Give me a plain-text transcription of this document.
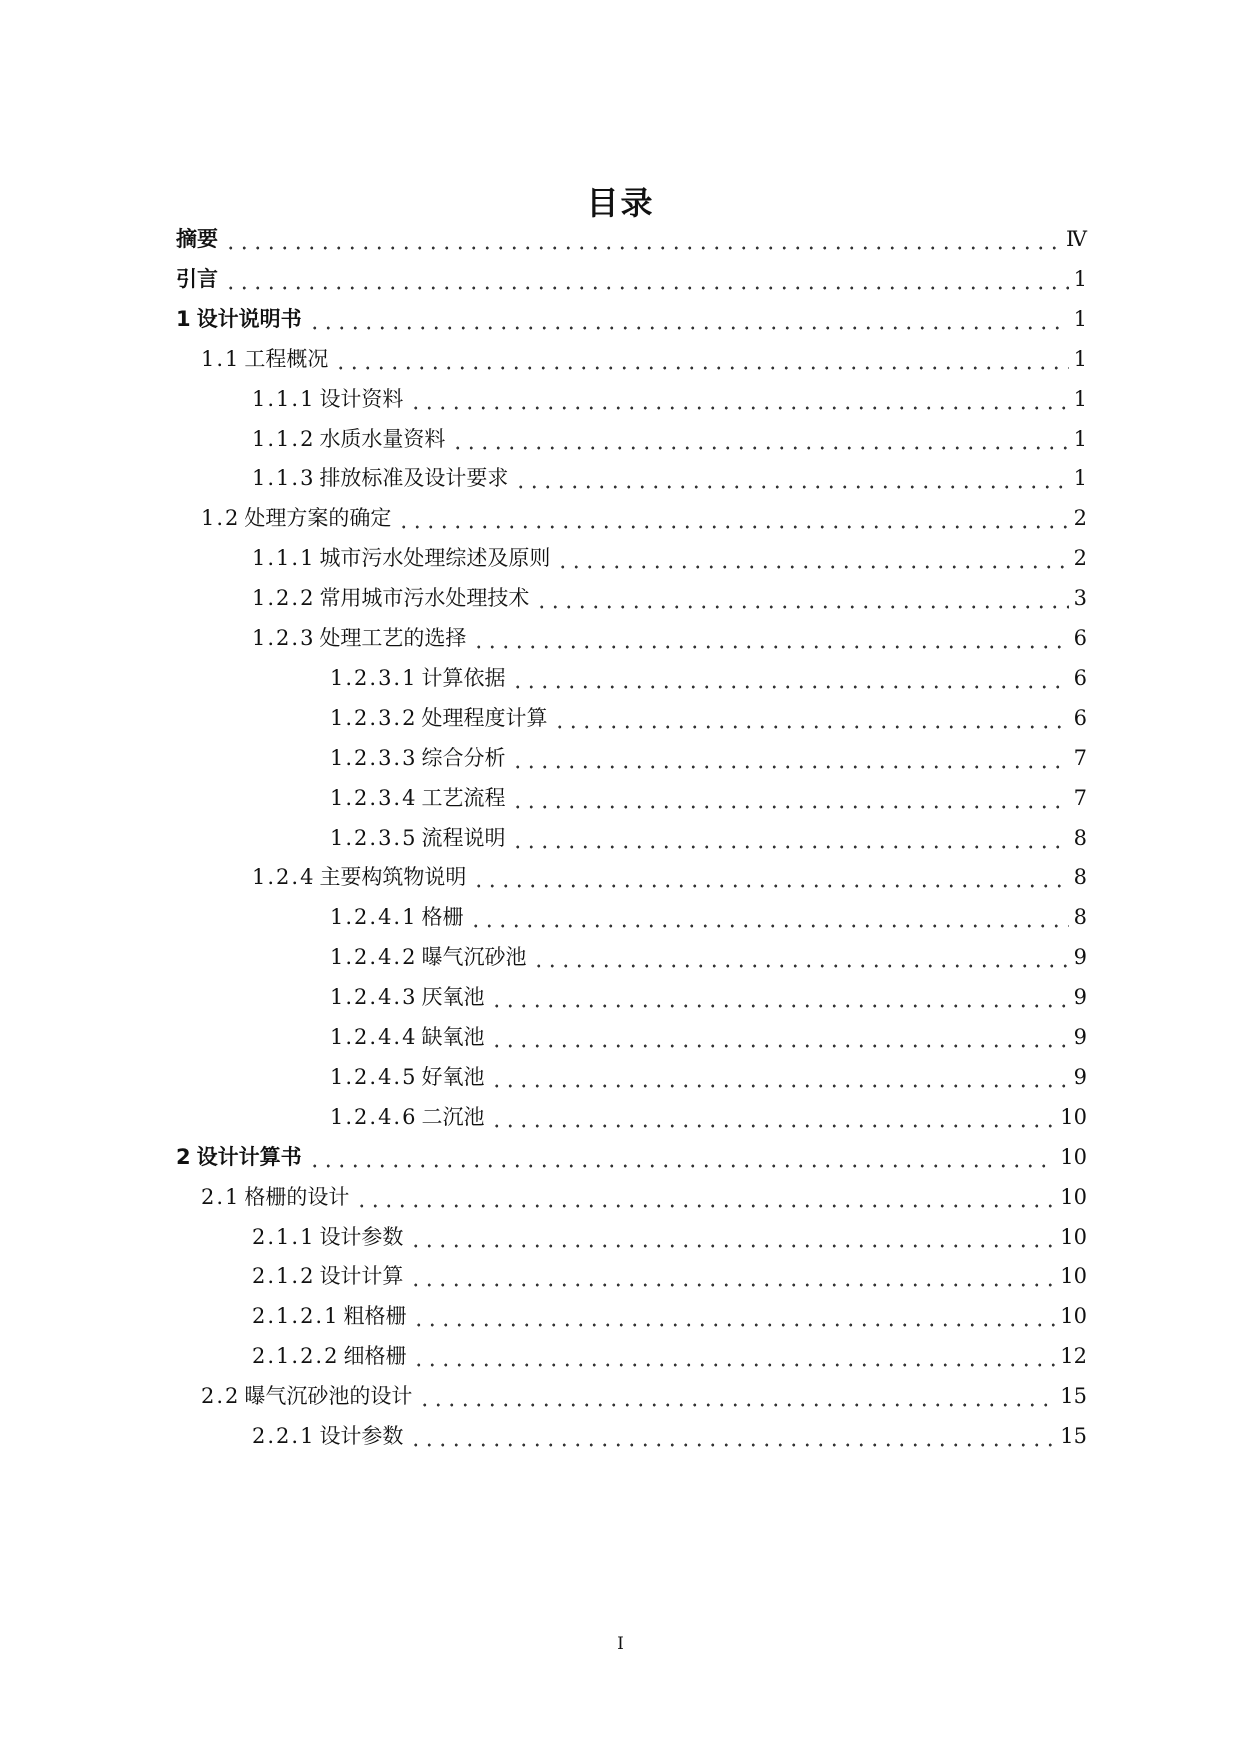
目录
摘要	Ⅳ
引言	1
1 设计说明书	1
1.1 工程概况	1
1.1.1 设计资料	1
1.1.2 水质水量资料	1
1.1.3 排放标准及设计要求	1
1.2 处理方案的确定	2
1.1.1 城市污水处理综述及原则	2
1.2.2 常用城市污水处理技术	3
1.2.3 处理工艺的选择	6
1.2.3.1 计算依据	6
1.2.3.2 处理程度计算	6
1.2.3.3 综合分析	7
1.2.3.4 工艺流程	7
1.2.3.5 流程说明	8
1.2.4 主要构筑物说明	8
1.2.4.1 格栅	8
1.2.4.2 曝气沉砂池	9
1.2.4.3 厌氧池	9
1.2.4.4 缺氧池	9
1.2.4.5 好氧池	9
1.2.4.6 二沉池	10
2 设计计算书	10
2.1 格栅的设计	10
2.1.1 设计参数	10
2.1.2 设计计算	10
2.1.2.1 粗格栅	10
2.1.2.2 细格栅	12
2.2 曝气沉砂池的设计	15
2.2.1 设计参数	15
I
